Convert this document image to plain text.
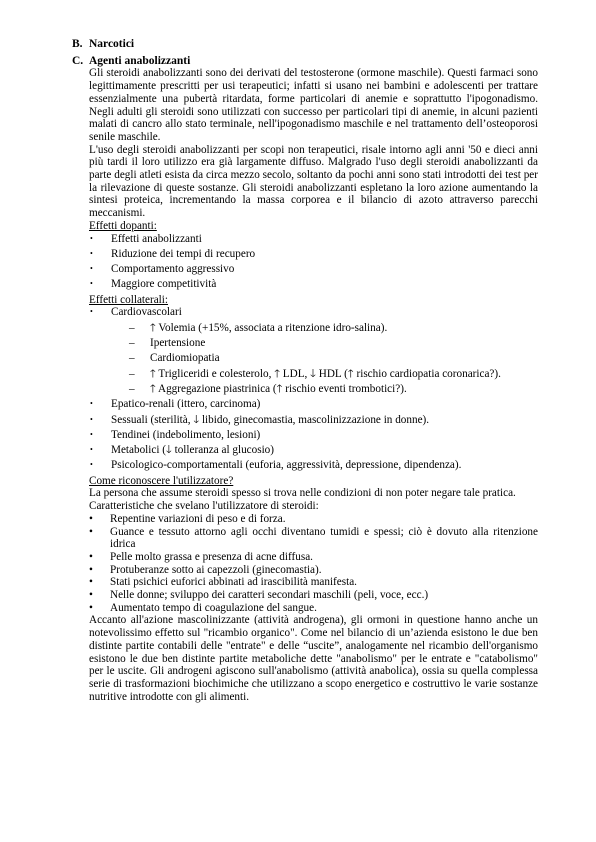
B. Narcotici
C. Agenti anabolizzanti

Gli steroidi anabolizzanti sono dei derivati del testosterone (ormone maschile). Questi farmaci sono legittimamente prescritti per usi terapeutici; infatti si usano nei bambini e adolescenti per trattare essenzialmente una pubertà ritardata, forme particolari di anemie e soprattutto l'ipogonadismo. Negli adulti gli steroidi sono utilizzati con successo per particolari tipi di anemie, in alcuni pazienti malati di cancro allo stato terminale, nell'ipogonadismo maschile e nel trattamento dell’osteoporosi senile maschile.

L'uso degli steroidi anabolizzanti per scopi non terapeutici, risale intorno agli anni '50 e dieci anni più tardi il loro utilizzo era già largamente diffuso. Malgrado l'uso degli steroidi anabolizzanti da parte degli atleti esista da circa mezzo secolo, soltanto da pochi anni sono stati introdotti dei test per la rilevazione di queste sostanze. Gli steroidi anabolizzanti espletano la loro azione aumentando la sintesi proteica, incrementando la massa corporea e il bilancio di azoto attraverso parecchi meccanismi.

Effetti dopanti:

•	Effetti anabolizzanti
•	Riduzione dei tempi di recupero
•	Comportamento aggressivo
•	Maggiore competitività

Effetti collaterali:

•	Cardiovascolari
–	🡑 Volemia (+15%, associata a ritenzione idro-salina).
–	Ipertensione
–	Cardiomiopatia
–	🡑 Trigliceridi e colesterolo, 🡑 LDL, 🡓 HDL (🡑 rischio cardiopatia coronarica?).
–	🡑 Aggregazione piastrinica (🡑 rischio eventi trombotici?).
•	Epatico-renali (ittero, carcinoma)
•	Sessuali (sterilità, 🡓 libido, ginecomastia, mascolinizzazione in donne).
•	Tendinei (indebolimento, lesioni)
•	Metabolici (🡓 tolleranza al glucosio)
•	Psicologico-comportamentali (euforia, aggressività, depressione, dipendenza).

Come riconoscere l'utilizzatore?

La persona che assume steroidi spesso si trova nelle condizioni di non poter negare tale pratica.

Caratteristiche che svelano l'utilizzatore di steroidi:

•	Repentine variazioni di peso e di forza.
•	Guance e tessuto attorno agli occhi diventano tumidi e spessi; ciò è dovuto alla ritenzione idrica
•	Pelle molto grassa e presenza di acne diffusa.
•	Protuberanze sotto ai capezzoli (ginecomastia).
•	Stati psichici euforici abbinati ad irascibilità manifesta.
•	Nelle donne; sviluppo dei caratteri secondari maschili (peli, voce, ecc.)
•	Aumentato tempo di coagulazione del sangue.

Accanto all'azione mascolinizzante (attività androgena), gli ormoni in questione hanno anche un notevolissimo effetto sul "ricambio organico". Come nel bilancio di un’azienda esistono le due ben distinte partite contabili delle "entrate" e delle “uscite”, analogamente nel ricambio dell'organismo esistono le due ben distinte partite metaboliche dette "anabolismo" per le entrate e "catabolismo" per le uscite. Gli androgeni agiscono sull'anabolismo (attività anabolica), ossia su quella complessa serie di trasformazioni biochimiche che utilizzano a scopo energetico e costruttivo le varie sostanze nutritive introdotte con gli alimenti.
